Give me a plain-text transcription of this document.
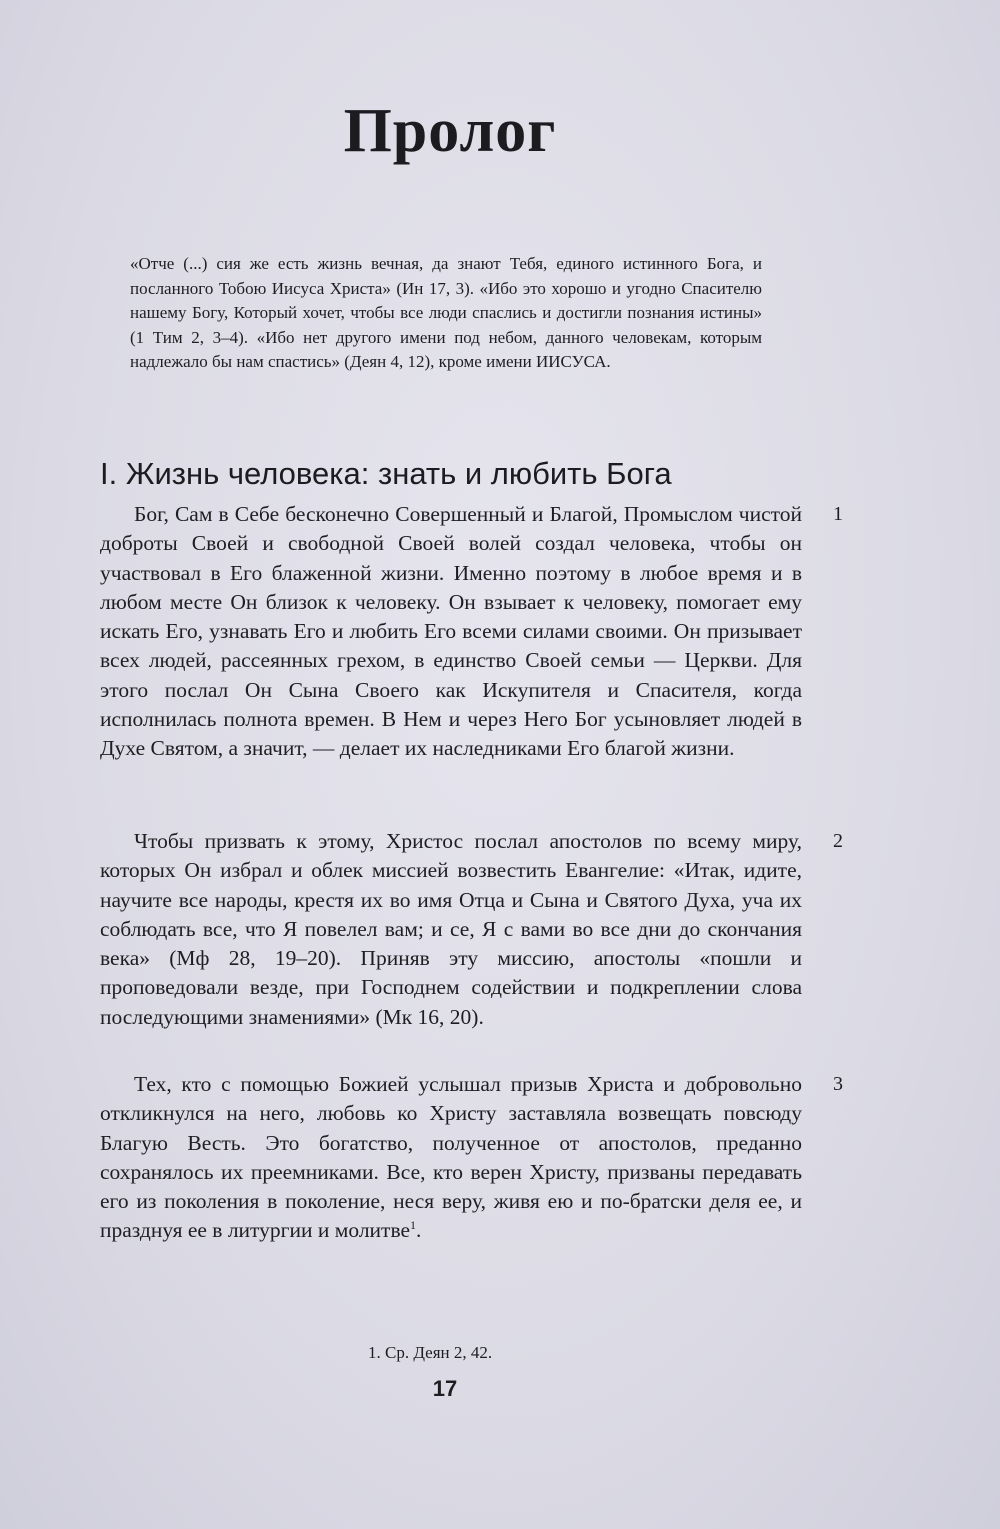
Пролог

«Отче (...) сия же есть жизнь вечная, да знают Тебя, единого истинного Бога, и посланного Тобою Иисуса Христа» (Ин 17, 3). «Ибо это хорошо и угодно Спасителю нашему Богу, Который хочет, чтобы все люди спаслись и достигли познания истины» (1 Тим 2, 3–4). «Ибо нет другого имени под небом, данного человекам, которым надлежало бы нам спастись» (Деян 4, 12), кроме имени ИИСУСА.

I. Жизнь человека: знать и любить Бога

Бог, Сам в Себе бесконечно Совершенный и Благой, Промыслом чистой доброты Своей и свободной Своей волей создал человека, чтобы он участвовал в Его блаженной жизни. Именно поэтому в любое время и в любом месте Он близок к человеку. Он взывает к человеку, помогает ему искать Его, узнавать Его и любить Его всеми силами своими. Он призывает всех людей, рассеянных грехом, в единство Своей семьи — Церкви. Для этого послал Он Сына Своего как Искупителя и Спасителя, когда исполнилась полнота времен. В Нем и через Него Бог усыновляет людей в Духе Святом, а значит, — делает их наследниками Его благой жизни.

1

Чтобы призвать к этому, Христос послал апостолов по всему миру, которых Он избрал и облек миссией возвестить Евангелие: «Итак, идите, научите все народы, крестя их во имя Отца и Сына и Святого Духа, уча их соблюдать все, что Я повелел вам; и се, Я с вами во все дни до скончания века» (Мф 28, 19–20). Приняв эту миссию, апостолы «пошли и проповедовали везде, при Господнем содействии и подкреплении слова последующими знамениями» (Мк 16, 20).

2

Тех, кто с помощью Божией услышал призыв Христа и добровольно откликнулся на него, любовь ко Христу заставляла возвещать повсюду Благую Весть. Это богатство, полученное от апостолов, преданно сохранялось их преемниками. Все, кто верен Христу, призваны передавать его из поколения в поколение, неся веру, живя ею и по-братски деля ее, и празднуя ее в литургии и молитве$^1$.

3
1. Ср. Деян 2, 42.
17
